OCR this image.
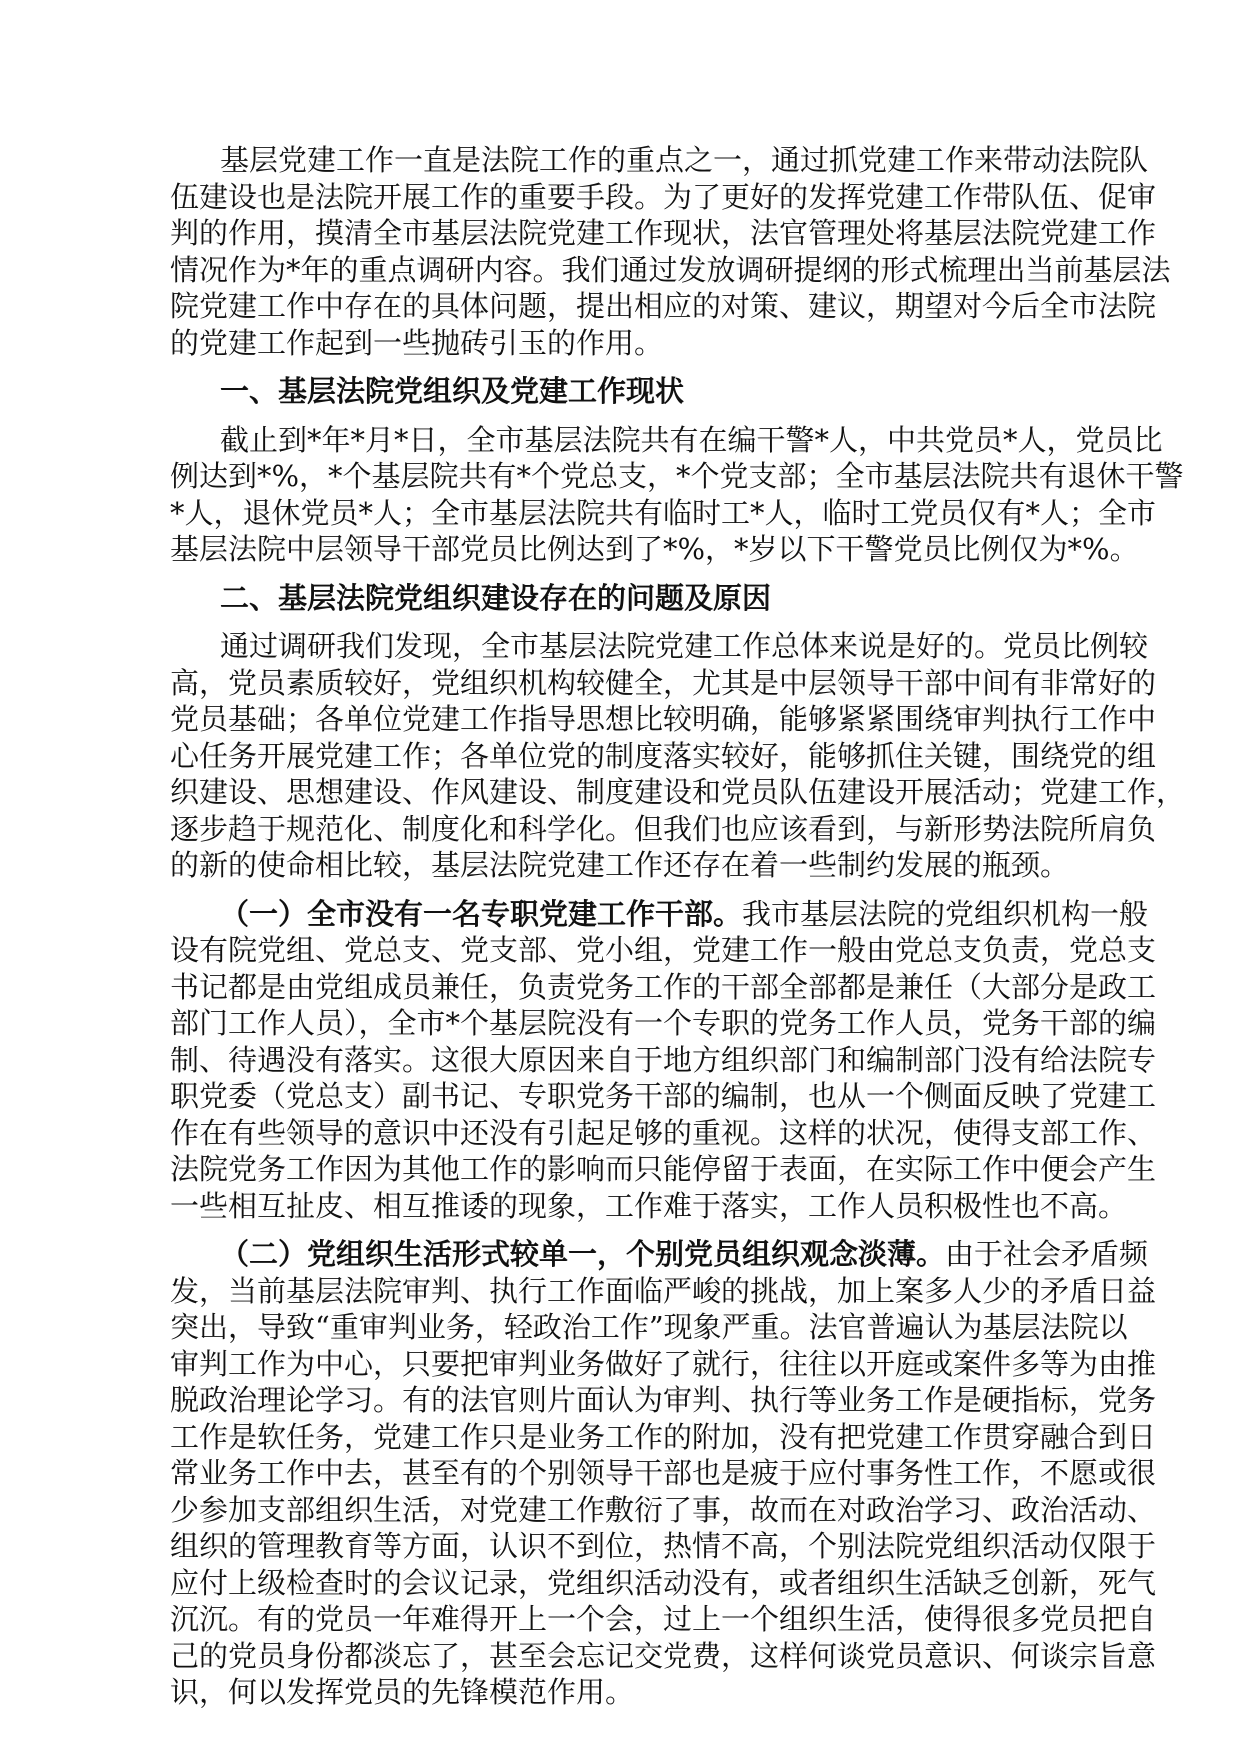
基层党建工作一直是法院工作的重点之一，通过抓党建工作来带动法院队
伍建设也是法院开展工作的重要手段。为了更好的发挥党建工作带队伍、促审
判的作用，摸清全市基层法院党建工作现状，法官管理处将基层法院党建工作
情况作为*年的重点调研内容。我们通过发放调研提纲的形式梳理出当前基层法
院党建工作中存在的具体问题，提出相应的对策、建议，期望对今后全市法院
的党建工作起到一些抛砖引玉的作用。
一、基层法院党组织及党建工作现状
截止到*年*月*日，全市基层法院共有在编干警*人，中共党员*人，党员比
例达到*%，*个基层院共有*个党总支，*个党支部；全市基层法院共有退休干警
*人，退休党员*人；全市基层法院共有临时工*人，临时工党员仅有*人；全市
基层法院中层领导干部党员比例达到了*%，*岁以下干警党员比例仅为*%。
二、基层法院党组织建设存在的问题及原因
通过调研我们发现，全市基层法院党建工作总体来说是好的。党员比例较
高，党员素质较好，党组织机构较健全，尤其是中层领导干部中间有非常好的
党员基础；各单位党建工作指导思想比较明确，能够紧紧围绕审判执行工作中
心任务开展党建工作；各单位党的制度落实较好，能够抓住关键，围绕党的组
织建设、思想建设、作风建设、制度建设和党员队伍建设开展活动；党建工作，
逐步趋于规范化、制度化和科学化。但我们也应该看到，与新形势法院所肩负
的新的使命相比较，基层法院党建工作还存在着一些制约发展的瓶颈。
（一）全市没有一名专职党建工作干部。我市基层法院的党组织机构一般
设有院党组、党总支、党支部、党小组，党建工作一般由党总支负责，党总支
书记都是由党组成员兼任，负责党务工作的干部全部都是兼任（大部分是政工
部门工作人员），全市*个基层院没有一个专职的党务工作人员，党务干部的编
制、待遇没有落实。这很大原因来自于地方组织部门和编制部门没有给法院专
职党委（党总支）副书记、专职党务干部的编制，也从一个侧面反映了党建工
作在有些领导的意识中还没有引起足够的重视。这样的状况，使得支部工作、
法院党务工作因为其他工作的影响而只能停留于表面，在实际工作中便会产生
一些相互扯皮、相互推诿的现象，工作难于落实，工作人员积极性也不高。
（二）党组织生活形式较单一，个别党员组织观念淡薄。由于社会矛盾频
发，当前基层法院审判、执行工作面临严峻的挑战，加上案多人少的矛盾日益
突出，导致“重审判业务，轻政治工作”现象严重。法官普遍认为基层法院以
审判工作为中心，只要把审判业务做好了就行，往往以开庭或案件多等为由推
脱政治理论学习。有的法官则片面认为审判、执行等业务工作是硬指标，党务
工作是软任务，党建工作只是业务工作的附加，没有把党建工作贯穿融合到日
常业务工作中去，甚至有的个别领导干部也是疲于应付事务性工作，不愿或很
少参加支部组织生活，对党建工作敷衍了事，故而在对政治学习、政治活动、
组织的管理教育等方面，认识不到位，热情不高，个别法院党组织活动仅限于
应付上级检查时的会议记录，党组织活动没有，或者组织生活缺乏创新，死气
沉沉。有的党员一年难得开上一个会，过上一个组织生活，使得很多党员把自
己的党员身份都淡忘了，甚至会忘记交党费，这样何谈党员意识、何谈宗旨意
识，何以发挥党员的先锋模范作用。
